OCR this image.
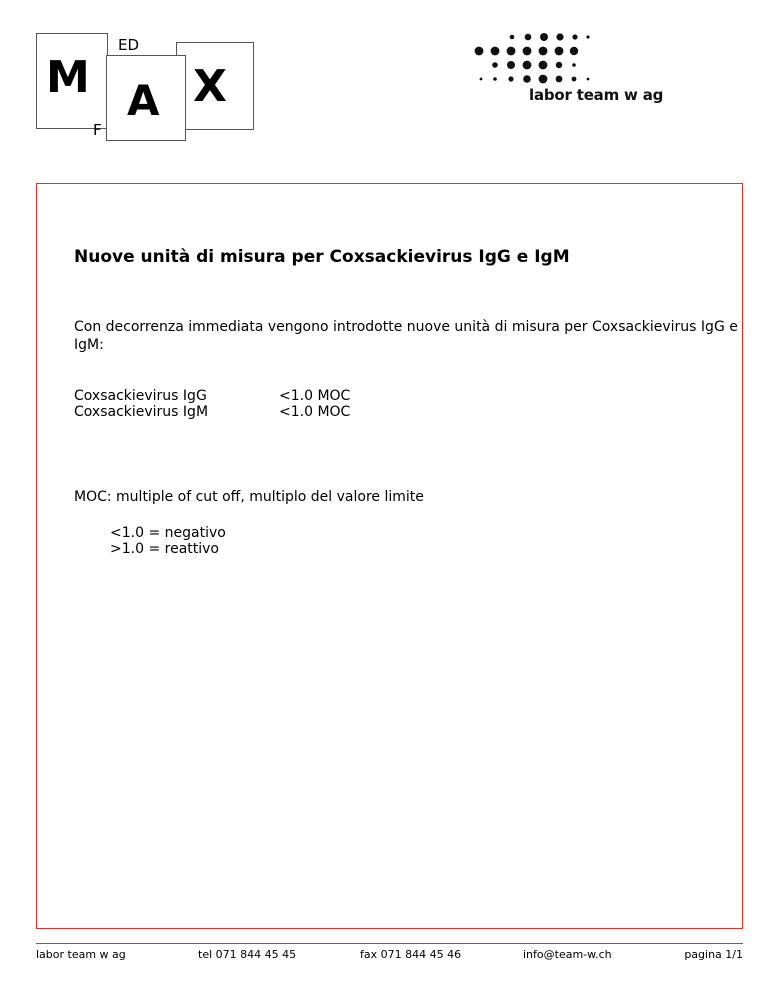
M X
A
ED
F
labor team w ag
Nuove unità di misura per Coxsackievirus IgG e IgM
Con decorrenza immediata vengono introdotte nuove unità di misura per Coxsackievirus IgG e
IgM:
Coxsackievirus IgG	<1.0 MOC
Coxsackievirus IgM	<1.0 MOC
MOC: multiple of cut off, multiplo del valore limite
<1.0 = negativo
>1.0 = reattivo
labor team w ag	tel 071 844 45 45	fax 071 844 45 46	info@team-w.ch	pagina 1/1
